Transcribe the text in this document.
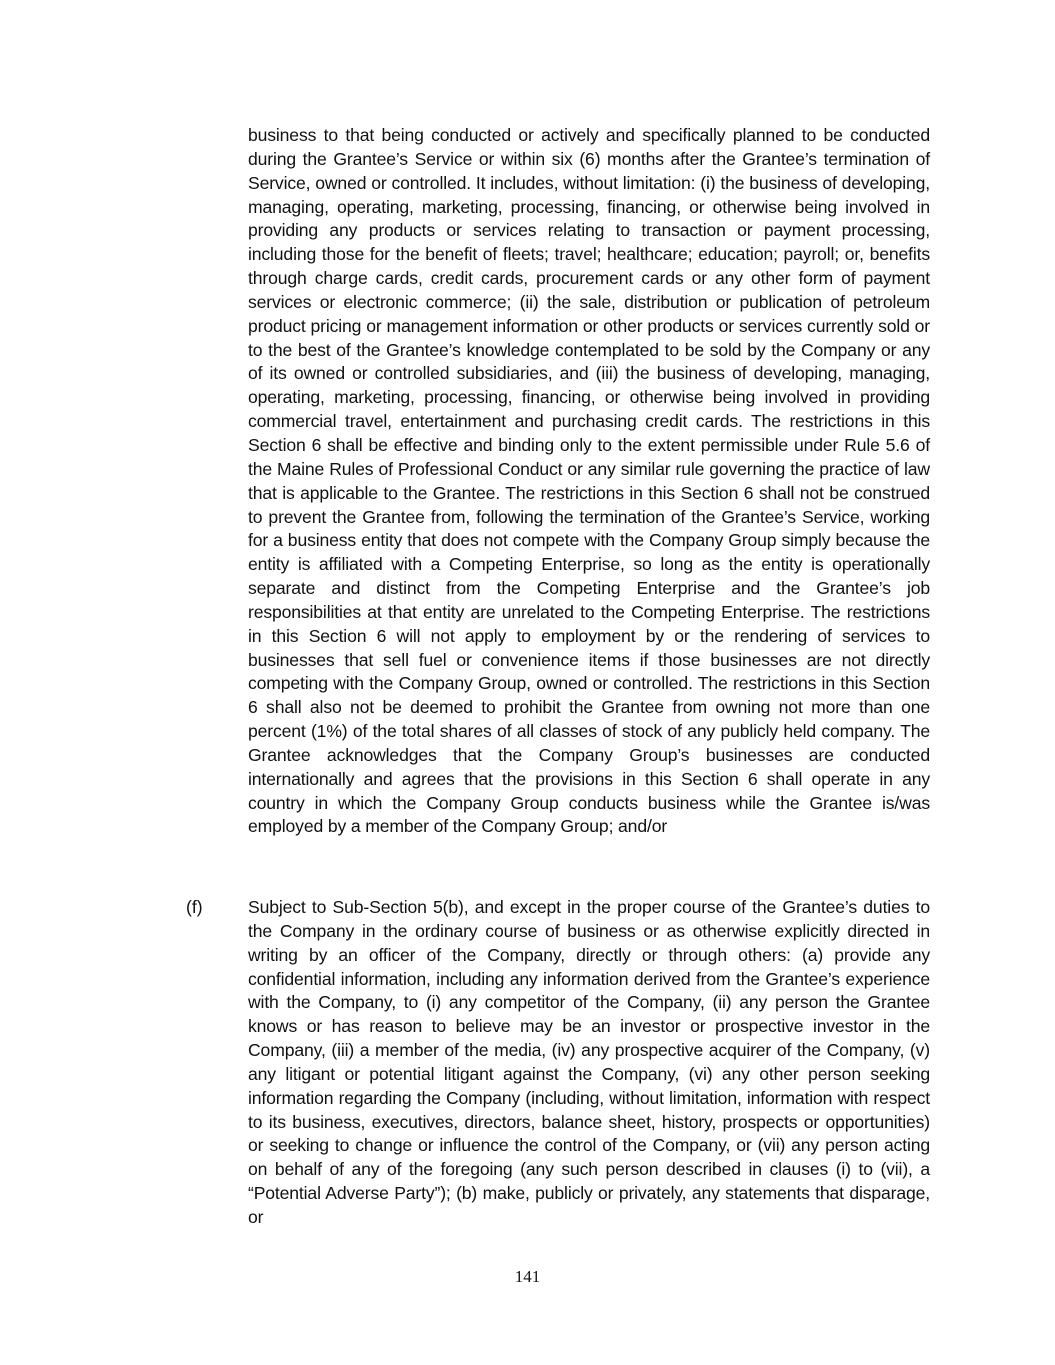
business to that being conducted or actively and specifically planned to be conducted during the Grantee’s Service or within six (6) months after the Grantee’s termination of Service, owned or controlled. It includes, without limitation: (i) the business of developing, managing, operating, marketing, processing, financing, or otherwise being involved in providing any products or services relating to transaction or payment processing, including those for the benefit of fleets; travel; healthcare; education; payroll; or, benefits through charge cards, credit cards, procurement cards or any other form of payment services or electronic commerce; (ii) the sale, distribution or publication of petroleum product pricing or management information or other products or services currently sold or to the best of the Grantee’s knowledge contemplated to be sold by the Company or any of its owned or controlled subsidiaries, and (iii) the business of developing, managing, operating, marketing, processing, financing, or otherwise being involved in providing commercial travel, entertainment and purchasing credit cards. The restrictions in this Section 6 shall be effective and binding only to the extent permissible under Rule 5.6 of the Maine Rules of Professional Conduct or any similar rule governing the practice of law that is applicable to the Grantee. The restrictions in this Section 6 shall not be construed to prevent the Grantee from, following the termination of the Grantee’s Service, working for a business entity that does not compete with the Company Group simply because the entity is affiliated with a Competing Enterprise, so long as the entity is operationally separate and distinct from the Competing Enterprise and the Grantee’s job responsibilities at that entity are unrelated to the Competing Enterprise. The restrictions in this Section 6 will not apply to employment by or the rendering of services to businesses that sell fuel or convenience items if those businesses are not directly competing with the Company Group, owned or controlled. The restrictions in this Section 6 shall also not be deemed to prohibit the Grantee from owning not more than one percent (1%) of the total shares of all classes of stock of any publicly held company. The Grantee acknowledges that the Company Group’s businesses are conducted internationally and agrees that the provisions in this Section 6 shall operate in any country in which the Company Group conducts business while the Grantee is/was employed by a member of the Company Group; and/or

(f)	Subject to Sub-Section 5(b), and except in the proper course of the Grantee’s duties to the Company in the ordinary course of business or as otherwise explicitly directed in writing by an officer of the Company, directly or through others: (a) provide any confidential information, including any information derived from the Grantee’s experience with the Company, to (i) any competitor of the Company, (ii) any person the Grantee knows or has reason to believe may be an investor or prospective investor in the Company, (iii) a member of the media, (iv) any prospective acquirer of the Company, (v) any litigant or potential litigant against the Company, (vi) any other person seeking information regarding the Company (including, without limitation, information with respect to its business, executives, directors, balance sheet, history, prospects or opportunities) or seeking to change or influence the control of the Company, or (vii) any person acting on behalf of any of the foregoing (any such person described in clauses (i) to (vii), a “Potential Adverse Party”); (b) make, publicly or privately, any statements that disparage, or

141
